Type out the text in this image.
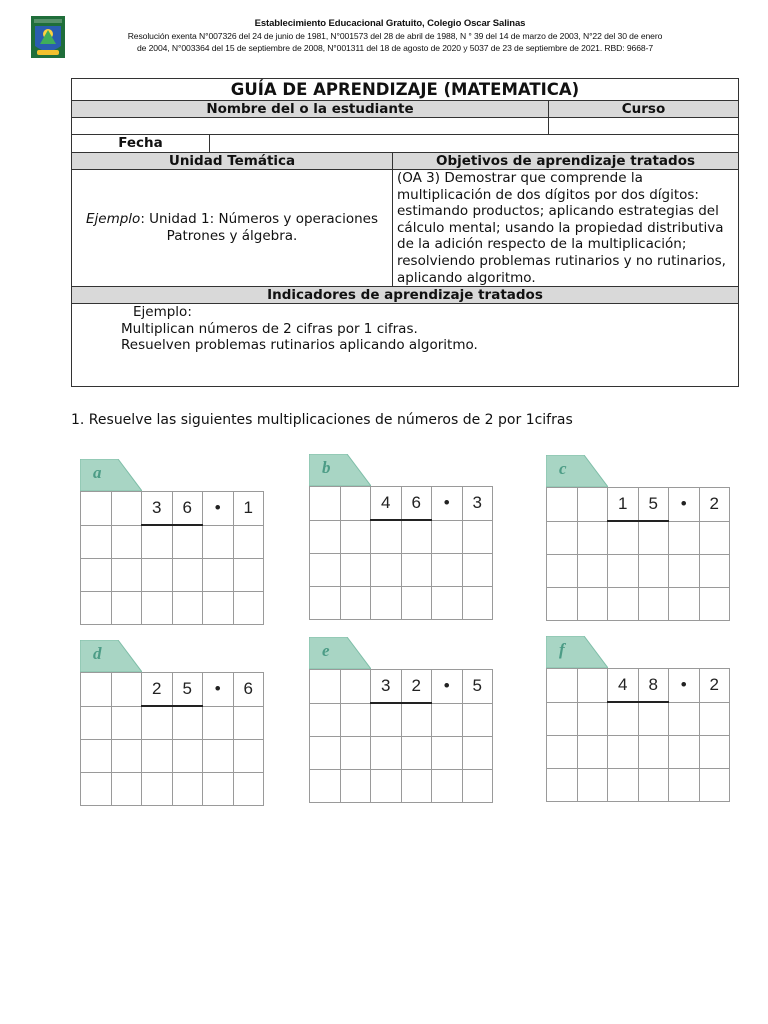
Establecimiento Educacional Gratuito, Colegio Oscar Salinas
Resolución exenta N°007326 del 24 de junio de 1981, N°001573 del 28 de abril de 1988, N ° 39 del 14 de marzo de 2003, N°22 del 30 de enero
de 2004, N°003364 del 15 de septiembre de 2008, N°001311 del 18 de agosto de 2020 y 5037 de 23 de septiembre de 2021. RBD: 9668-7
GUÍA DE APRENDIZAJE (MATEMATICA)
Nombre del o la estudiante	Curso
Fecha
Unidad Temática	Objetivos de aprendizaje tratados
Ejemplo: Unidad 1: Números y operaciones
Patrones y álgebra.
(OA 3) Demostrar que comprende la multiplicación de dos dígitos por dos dígitos: estimando productos; aplicando estrategias del cálculo mental; usando la propiedad distributiva de la adición respecto de la multiplicación; resolviendo problemas rutinarios y no rutinarios, aplicando algoritmo.
Indicadores de aprendizaje tratados
Ejemplo:
Multiplican números de 2 cifras por 1 cifras.
Resuelven problemas rutinarios aplicando algoritmo.
1. Resuelve las siguientes multiplicaciones de números de 2 por 1cifras
a
		3	6	•	1

b
		4	6	•	3

c
		1	5	•	2

d
		2	5	•	6

e
		3	2	•	5

f
		4	8	•	2
